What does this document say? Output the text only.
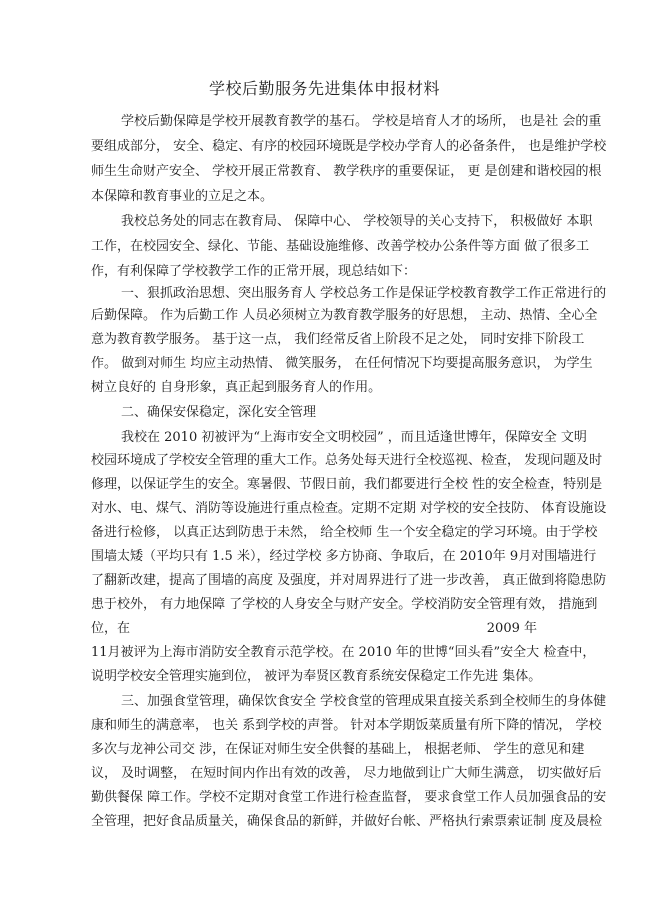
学校后勤服务先进集体申报材料
学校后勤保障是学校开展教育教学的基石。 学校是培育人才的场所， 也是社 会的重
要组成部分， 安全、稳定、有序的校园环境既是学校办学育人的必备条件， 也是维护学校
师生生命财产安全、 学校开展正常教育、 教学秩序的重要保证， 更 是创建和谐校园的根
本保障和教育事业的立足之本。
我校总务处的同志在教育局、 保障中心、 学校领导的关心支持下， 积极做好 本职
工作，在校园安全、绿化、节能、基础设施维修、改善学校办公条件等方面 做了很多工
作，有利保障了学校教学工作的正常开展，现总结如下：
一、狠抓政治思想、突出服务育人 学校总务工作是保证学校教育教学工作正常进行的
后勤保障。 作为后勤工作 人员必须树立为教育教学服务的好思想， 主动、热情、全心全
意为教育教学服务。 基于这一点， 我们经常反省上阶段不足之处， 同时安排下阶段工
作。 做到对师生 均应主动热情、 微笑服务， 在任何情况下均要提高服务意识， 为学生
树立良好的 自身形象，真正起到服务育人的作用。
二、确保安保稳定，深化安全管理
我校在 2010 初被评为“上海市安全文明校园” ，而且适逢世博年，保障安全 文明
校园环境成了学校安全管理的重大工作。总务处每天进行全校巡视、检查， 发现问题及时
修理，以保证学生的安全。寒暑假、节假日前，我们都要进行全校 性的安全检查，特别是
对水、电、煤气、消防等设施进行重点检查。定期不定期 对学校的安全技防、 体育设施设
备进行检修， 以真正达到防患于未然， 给全校师 生一个安全稳定的学习环境。由于学校
围墙太矮（平均只有 1.5 米），经过学校 多方协商、争取后，在 2010年 9月对围墙进行
了翻新改建，提高了围墙的高度 及强度，并对周界进行了进一步改善， 真正做到将隐患防
患于校外， 有力地保障 了学校的人身安全与财产安全。学校消防安全管理有效， 措施到
位，在	2009 年
11月被评为上海市消防安全教育示范学校。在 2010 年的世博“回头看”安全大 检查中，
说明学校安全管理实施到位， 被评为奉贤区教育系统安保稳定工作先进 集体。
三、加强食堂管理，确保饮食安全 学校食堂的管理成果直接关系到全校师生的身体健
康和师生的满意率， 也关 系到学校的声誉。 针对本学期饭菜质量有所下降的情况， 学校
多次与龙神公司交 涉，在保证对师生安全供餐的基础上， 根据老师、 学生的意见和建
议， 及时调整， 在短时间内作出有效的改善， 尽力地做到让广大师生满意， 切实做好后
勤供餐保 障工作。学校不定期对食堂工作进行检查监督， 要求食堂工作人员加强食品的安
全管理，把好食品质量关，确保食品的新鲜，并做好台帐、严格执行索票索证制 度及晨检
